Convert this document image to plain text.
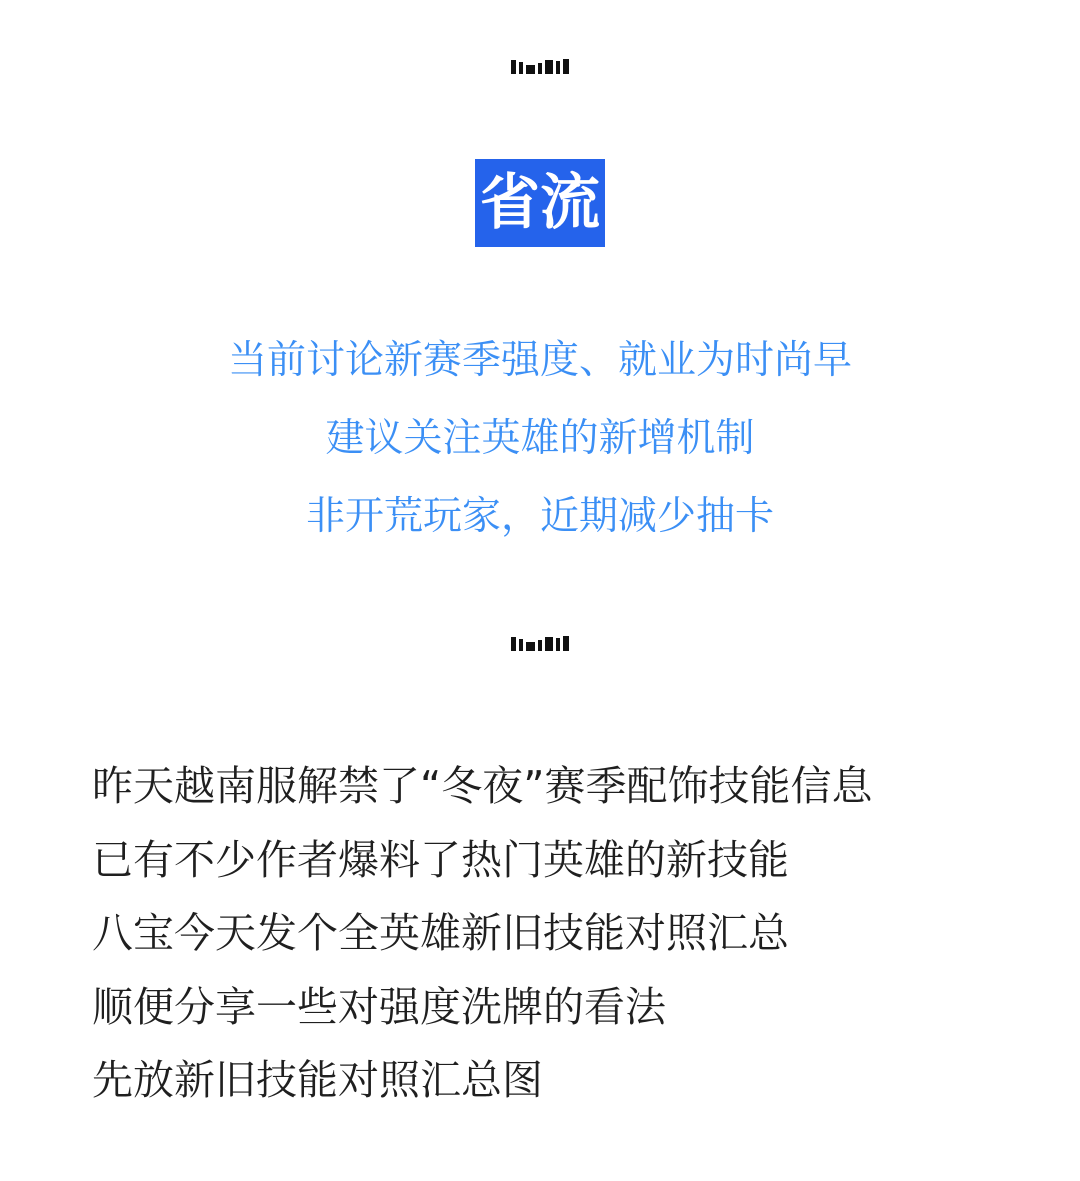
省流
当前讨论新赛季强度、就业为时尚早
建议关注英雄的新增机制
非开荒玩家，近期减少抽卡
昨天越南服解禁了“冬夜”赛季配饰技能信息
已有不少作者爆料了热门英雄的新技能
八宝今天发个全英雄新旧技能对照汇总
顺便分享一些对强度洗牌的看法
先放新旧技能对照汇总图
